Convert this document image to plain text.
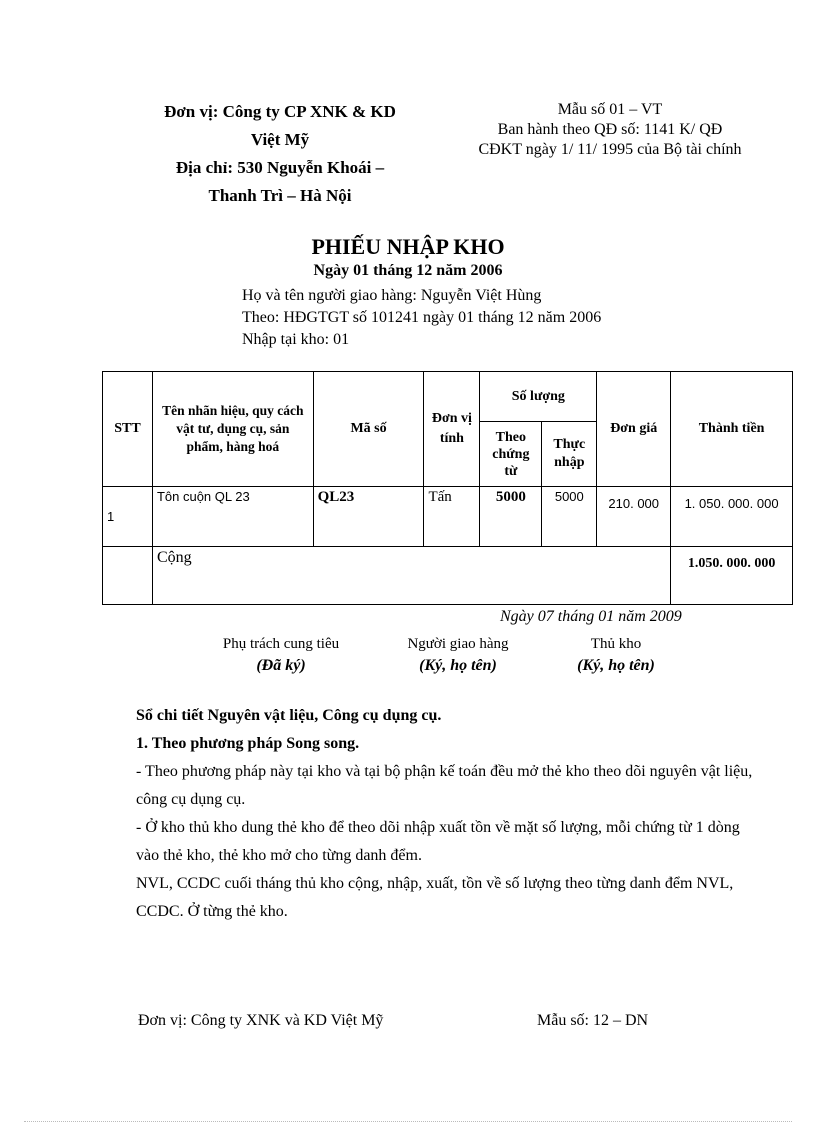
Đơn vị: Công ty CP XNK & KD
Việt Mỹ
Địa chỉ: 530 Nguyễn Khoái –
Thanh Trì – Hà Nội
Mẫu số 01 – VT
Ban hành theo QĐ số: 1141 K/ QĐ
CĐKT ngày 1/ 11/ 1995 của Bộ tài chính
PHIẾU NHẬP KHO
Ngày 01 tháng 12 năm 2006
Họ và tên người giao hàng: Nguyễn Việt Hùng
Theo: HĐGTGT số 101241 ngày 01 tháng 12 năm 2006
Nhập tại kho: 01
STT	Tên nhãn hiệu, quy cách vật tư, dụng cụ, sản phẩm, hàng hoá	Mã số	Đơn vị tính	Số lượng		Đơn giá	Thành tiền
				Theo chứng từ	Thực nhập		
1	Tôn cuộn QL 23	QL23	Tấn	5000	5000	210. 000	1. 050. 000. 000
	Cộng						1.050. 000. 000
Ngày 07 tháng 01 năm 2009
Phụ trách cung tiêu
(Đã ký)
Người giao hàng
(Ký, họ tên)
Thủ kho
(Ký, họ tên)
Sổ chi tiết Nguyên vật liệu, Công cụ dụng cụ.
1. Theo phương pháp Song song.
- Theo phương pháp này tại kho và tại bộ phận kế toán đều mở thẻ kho theo dõi nguyên vật liệu, công cụ dụng cụ.
- Ở kho thủ kho dung thẻ kho để theo dõi nhập xuất tồn về mặt số lượng, mỗi chứng từ 1 dòng vào thẻ kho, thẻ kho mở cho từng danh đểm.
NVL, CCDC cuối tháng thủ kho cộng, nhập, xuất, tồn về số lượng theo từng danh đểm NVL, CCDC. Ở từng thẻ kho.
Đơn vị: Công ty XNK và KD Việt Mỹ	Mẫu số: 12 – DN
